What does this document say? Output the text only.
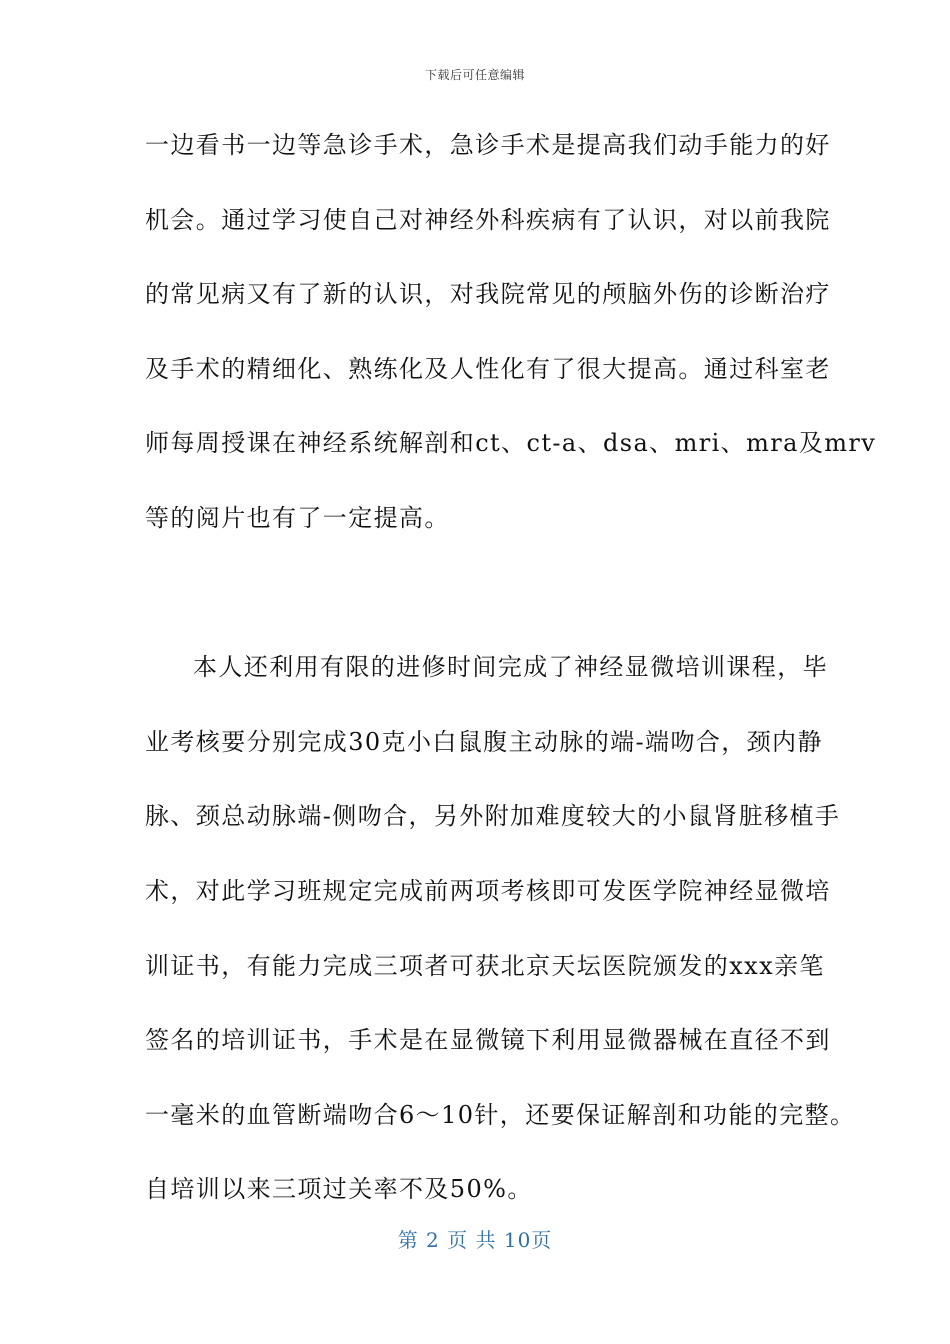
下载后可任意编辑
一边看书一边等急诊手术，急诊手术是提高我们动手能力的好
机会。通过学习使自己对神经外科疾病有了认识，对以前我院
的常见病又有了新的认识，对我院常见的颅脑外伤的诊断治疗
及手术的精细化、熟练化及人性化有了很大提高。通过科室老
师每周授课在神经系统解剖和ct、ct-a、dsa、mri、mra及mrv
等的阅片也有了一定提高。
本人还利用有限的进修时间完成了神经显微培训课程，毕
业考核要分别完成30克小白鼠腹主动脉的端-端吻合，颈内静
脉、颈总动脉端-侧吻合，另外附加难度较大的小鼠肾脏移植手
术，对此学习班规定完成前两项考核即可发医学院神经显微培
训证书，有能力完成三项者可获北京天坛医院颁发的xxx亲笔
签名的培训证书，手术是在显微镜下利用显微器械在直径不到
一毫米的血管断端吻合6～10针，还要保证解剖和功能的完整。
自培训以来三项过关率不及50%。
第 2 页 共 10页
